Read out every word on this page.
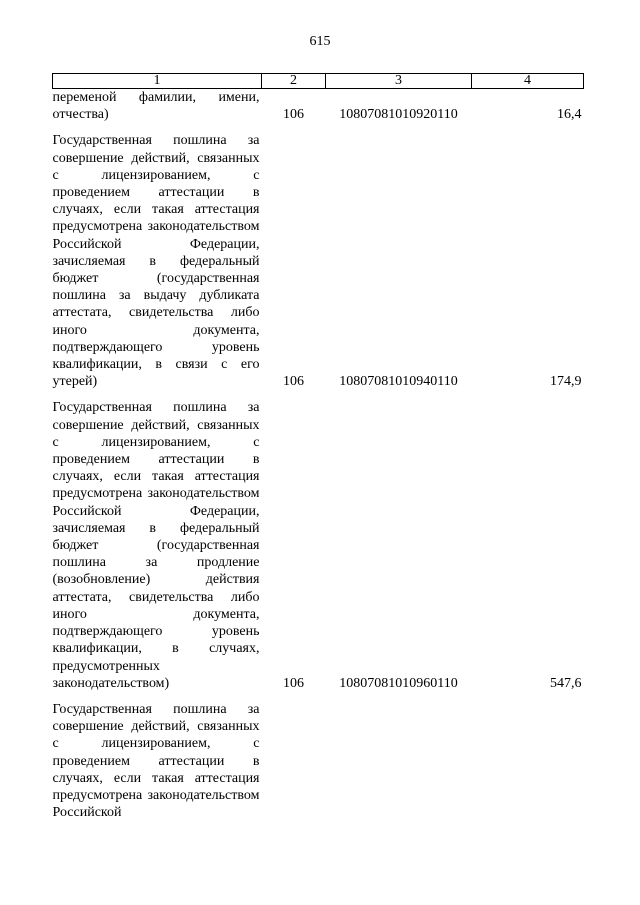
615
1	2	3	4
переменой фамилии, имени, отчества)	106	10807081010920110	16,4

Государственная пошлина за совершение действий, связанных с лицензированием, с проведением аттестации в случаях, если такая аттестация предусмотрена законодательством Российской Федерации, зачисляемая в федеральный бюджет (государственная пошлина за выдачу дубликата аттестата, свидетельства либо иного документа, подтверждающего уровень квалификации, в связи с его утерей)	106	10807081010940110	174,9

Государственная пошлина за совершение действий, связанных с лицензированием, с проведением аттестации в случаях, если такая аттестация предусмотрена законодательством Российской Федерации, зачисляемая в федеральный бюджет (государственная пошлина за продление (возобновление) действия аттестата, свидетельства либо иного документа, подтверждающего уровень квалификации, в случаях, предусмотренных законодательством)	106	10807081010960110	547,6

Государственная пошлина за совершение действий, связанных с лицензированием, с проведением аттестации в случаях, если такая аттестация предусмотрена законодательством Российской			
